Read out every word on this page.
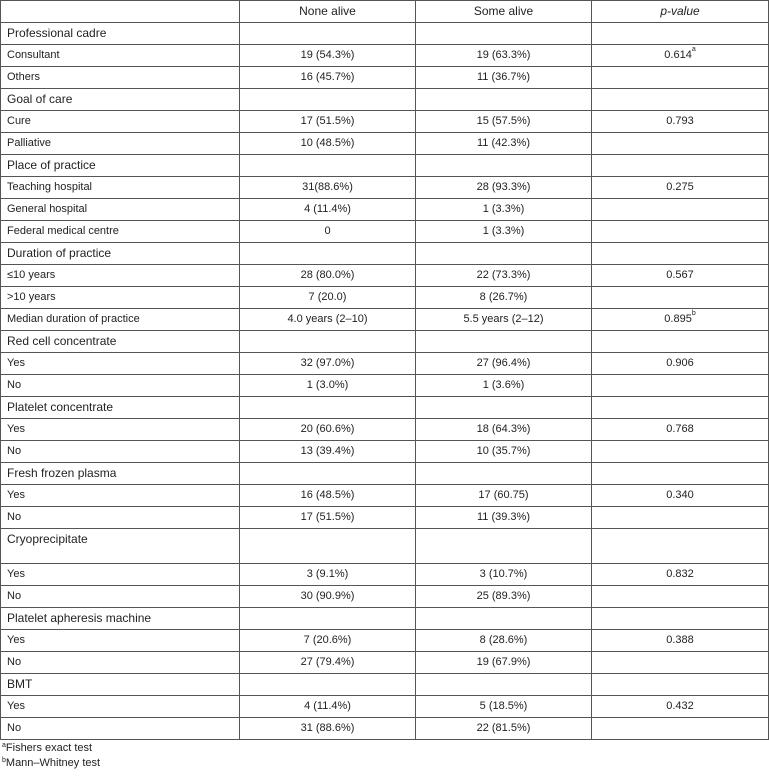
	None alive	Some alive	p-value
Professional cadre			
Consultant	19 (54.3%)	19 (63.3%)	0.614$^a$
Others	16 (45.7%)	11 (36.7%)	
Goal of care			
Cure	17 (51.5%)	15 (57.5%)	0.793
Palliative	10 (48.5%)	11 (42.3%)	
Place of practice			
Teaching hospital	31(88.6%)	28 (93.3%)	0.275
General hospital	4 (11.4%)	1 (3.3%)	
Federal medical centre	0	1 (3.3%)	
Duration of practice			
≤10 years	28 (80.0%)	22 (73.3%)	0.567
>10 years	7 (20.0)	8 (26.7%)	
Median duration of practice	4.0 years (2–10)	5.5 years (2–12)	0.895$^b$
Red cell concentrate			
Yes	32 (97.0%)	27 (96.4%)	0.906
No	1 (3.0%)	1 (3.6%)	
Platelet concentrate			
Yes	20 (60.6%)	18 (64.3%)	0.768
No	13 (39.4%)	10 (35.7%)	
Fresh frozen plasma			
Yes	16 (48.5%)	17 (60.75)	0.340
No	17 (51.5%)	11 (39.3%)	
Cryoprecipitate			
Yes	3 (9.1%)	3 (10.7%)	0.832
No	30 (90.9%)	25 (89.3%)	
Platelet apheresis machine			
Yes	7 (20.6%)	8 (28.6%)	0.388
No	27 (79.4%)	19 (67.9%)	
BMT			
Yes	4 (11.4%)	5 (18.5%)	0.432
No	31 (88.6%)	22 (81.5%)	
$^a$Fishers exact test
$^b$Mann–Whitney test
